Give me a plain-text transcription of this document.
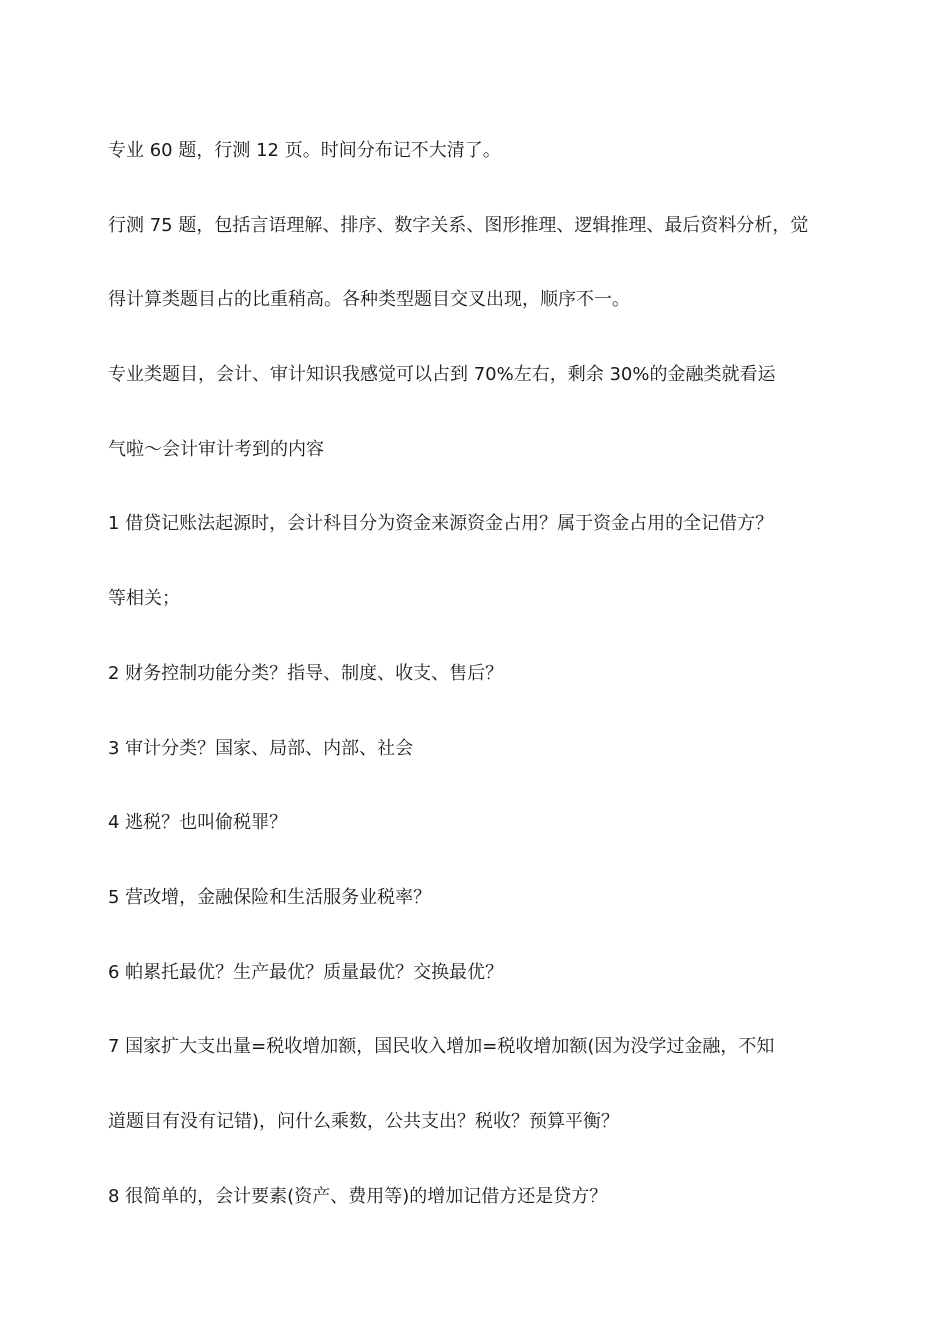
专业 60 题，行测 12 页。时间分布记不大清了。
行测 75 题，包括言语理解、排序、数字关系、图形推理、逻辑推理、最后资料分析，觉
得计算类题目占的比重稍高。各种类型题目交叉出现，顺序不一。
专业类题目，会计、审计知识我感觉可以占到 70%左右，剩余 30%的金融类就看运
气啦～会计审计考到的内容
1 借贷记账法起源时，会计科目分为资金来源资金占用？属于资金占用的全记借方？
等相关；
2 财务控制功能分类？指导、制度、收支、售后？
3 审计分类？国家、局部、内部、社会
4 逃税？也叫偷税罪？
5 营改增，金融保险和生活服务业税率？
6 帕累托最优？生产最优？质量最优？交换最优？
7 国家扩大支出量=税收增加额，国民收入增加=税收增加额(因为没学过金融，不知
道题目有没有记错)，问什么乘数，公共支出？税收？预算平衡？
8 很简单的，会计要素(资产、费用等)的增加记借方还是贷方？
